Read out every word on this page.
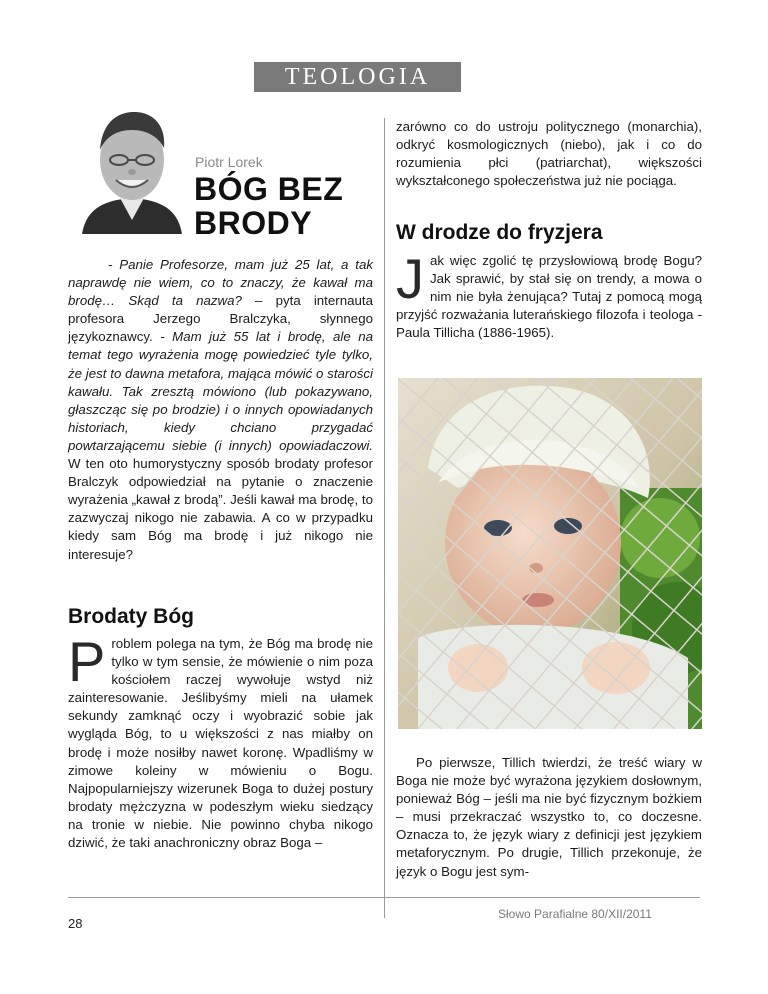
TEOLOGIA
Piotr Lorek
BÓG BEZ
BRODY

- Panie Profesorze, mam już 25 lat, a tak naprawdę nie wiem, co to znaczy, że kawał ma brodę… Skąd ta nazwa? – pyta internauta profesora Jerzego Bralczyka, słynnego językoznawcy. - Mam już 55 lat i brodę, ale na temat tego wyrażenia mogę powiedzieć tyle tylko, że jest to dawna metafora, mająca mówić o starości kawału. Tak zresztą mówiono (lub pokazywano, głaszcząc się po brodzie) i o innych opowiadanych historiach, kiedy chciano przygadać powtarzającemu siebie (i innych) opowiadaczowi. W ten oto humorystyczny sposób brodaty profesor Bralczyk odpowiedział na pytanie o znaczenie wyrażenia „kawał z brodą”. Jeśli kawał ma brodę, to zazwyczaj nikogo nie zabawia. A co w przypadku kiedy sam Bóg ma brodę i już nikogo nie interesuje?

Brodaty Bóg

Problem polega na tym, że Bóg ma brodę nie tylko w tym sensie, że mówienie o nim poza kościołem raczej wywołuje wstyd niż zainteresowanie. Jeślibyśmy mieli na ułamek sekundy zamknąć oczy i wyobrazić sobie jak wygląda Bóg, to u większości z nas miałby on brodę i może nosiłby nawet koronę. Wpadliśmy w zimowe koleiny w mówieniu o Bogu. Najpopularniejszy wizerunek Boga to dużej postury brodaty mężczyzna w podeszłym wieku siedzący na tronie w niebie. Nie powinno chyba nikogo dziwić, że taki anachroniczny obraz Boga –

zarówno co do ustroju politycznego (monarchia), odkryć kosmologicznych (niebo), jak i co do rozumienia płci (patriarchat), większości wykształconego społeczeństwa już nie pociąga.

W drodze do fryzjera

Jak więc zgolić tę przysłowiową brodę Bogu? Jak sprawić, by stał się on trendy, a mowa o nim nie była żenująca? Tutaj z pomocą mogą przyjść rozważania luterańskiego filozofa i teologa - Paula Tillicha (1886-1965).

Po pierwsze, Tillich twierdzi, że treść wiary w Boga nie może być wyrażona językiem dosłownym, ponieważ Bóg – jeśli ma nie być fizycznym bożkiem – musi przekraczać wszystko to, co doczesne. Oznacza to, że język wiary z definicji jest językiem metaforycznym. Po drugie, Tillich przekonuje, że język o Bogu jest sym-

28
Słowo Parafialne 80/XII/2011
